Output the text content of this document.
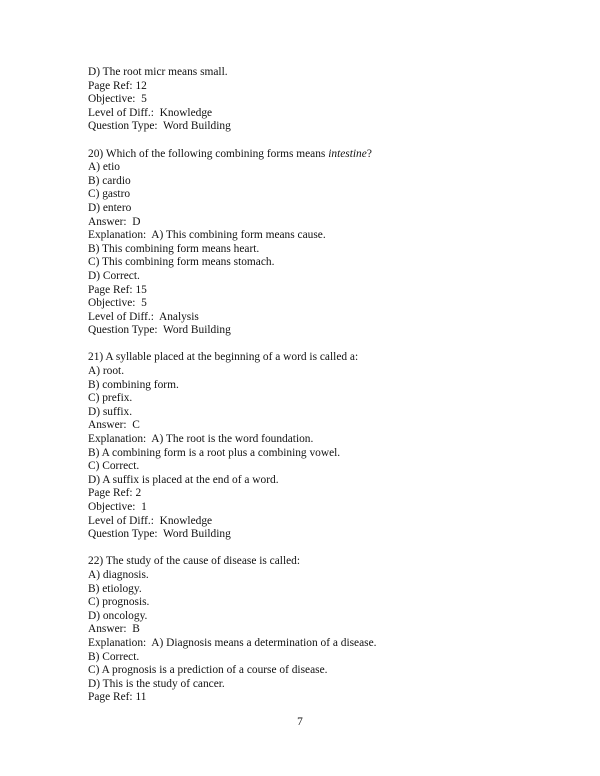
D) The root micr means small.
Page Ref: 12
Objective:  5
Level of Diff.:  Knowledge
Question Type:  Word Building
20) Which of the following combining forms means intestine?
A) etio
B) cardio
C) gastro
D) entero
Answer:  D
Explanation:  A) This combining form means cause.
B) This combining form means heart.
C) This combining form means stomach.
D) Correct.
Page Ref: 15
Objective:  5
Level of Diff.:  Analysis
Question Type:  Word Building
21) A syllable placed at the beginning of a word is called a:
A) root.
B) combining form.
C) prefix.
D) suffix.
Answer:  C
Explanation:  A) The root is the word foundation.
B) A combining form is a root plus a combining vowel.
C) Correct.
D) A suffix is placed at the end of a word.
Page Ref: 2
Objective:  1
Level of Diff.:  Knowledge
Question Type:  Word Building
22) The study of the cause of disease is called:
A) diagnosis.
B) etiology.
C) prognosis.
D) oncology.
Answer:  B
Explanation:  A) Diagnosis means a determination of a disease.
B) Correct.
C) A prognosis is a prediction of a course of disease.
D) This is the study of cancer.
Page Ref: 11
7
